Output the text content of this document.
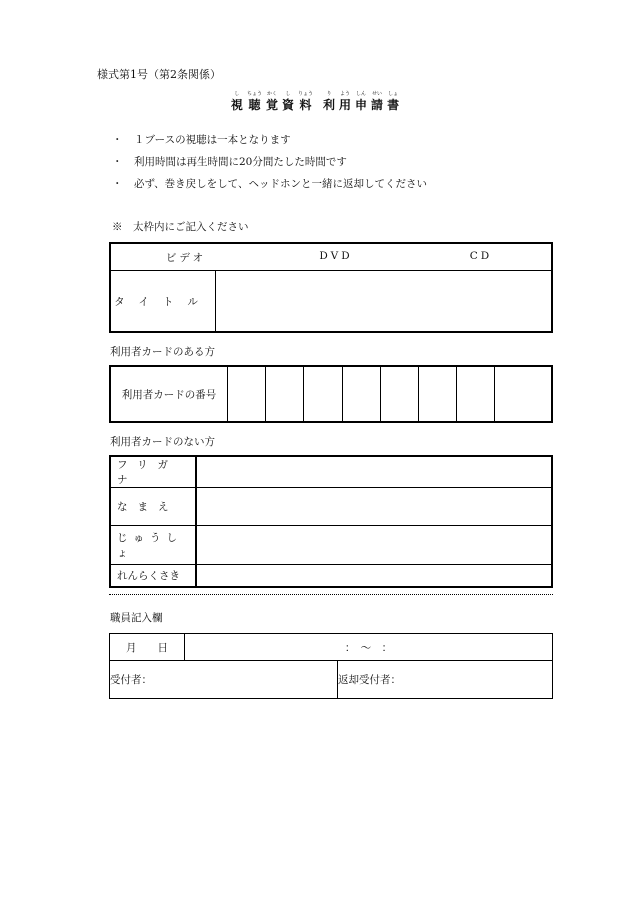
様式第1号（第2条関係）
し
視
ちょう
聴
かく
覚
し
資
りょう
料
り
利
よう
用
しん
申
せい
請
しょ
書
・	１ブースの視聴は一本となります
・	利用時間は再生時間に20分間たした時間です
・	必ず、巻き戻しをして、ヘッドホンと一緒に返却してください
※　太枠内にご記入ください
ビデオ	DVD	CD

タイトル	
利用者カードのある方
利用者カードの番号								
利用者カードのない方
フリガナ	
なまえ	
じゅうしょ	
れんらくさき	
職員記入欄
月　　日	：　～　：	
受付者：		返却受付者：
